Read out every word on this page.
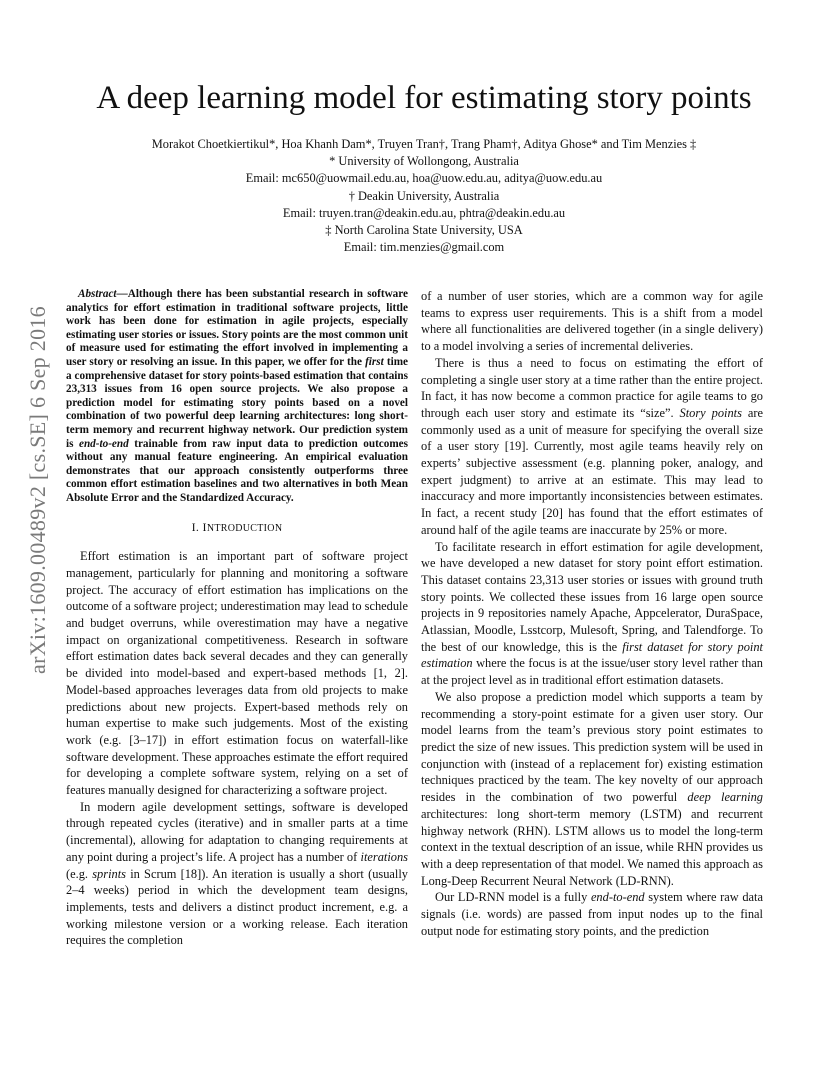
arXiv:1609.00489v2 [cs.SE] 6 Sep 2016
A deep learning model for estimating story points
Morakot Choetkiertikul*, Hoa Khanh Dam*, Truyen Tran†, Trang Pham†, Aditya Ghose* and Tim Menzies ‡
* University of Wollongong, Australia
Email: mc650@uowmail.edu.au, hoa@uow.edu.au, aditya@uow.edu.au
† Deakin University, Australia
Email: truyen.tran@deakin.edu.au, phtra@deakin.edu.au
‡ North Carolina State University, USA
Email: tim.menzies@gmail.com

Abstract—Although there has been substantial research in software analytics for effort estimation in traditional software projects, little work has been done for estimation in agile projects, especially estimating user stories or issues. Story points are the most common unit of measure used for estimating the effort involved in implementing a user story or resolving an issue. In this paper, we offer for the first time a comprehensive dataset for story points-based estimation that contains 23,313 issues from 16 open source projects. We also propose a prediction model for estimating story points based on a novel combination of two powerful deep learning architectures: long short-term memory and recurrent highway network. Our prediction system is end-to-end trainable from raw input data to prediction outcomes without any manual feature engineering. An empirical evaluation demonstrates that our approach consistently outperforms three common effort estimation baselines and two alternatives in both Mean Absolute Error and the Standardized Accuracy.

I. INTRODUCTION

Effort estimation is an important part of software project management, particularly for planning and monitoring a software project. The accuracy of effort estimation has implications on the outcome of a software project; underestimation may lead to schedule and budget overruns, while overestimation may have a negative impact on organizational competitiveness. Research in software effort estimation dates back several decades and they can generally be divided into model-based and expert-based methods [1, 2]. Model-based approaches leverages data from old projects to make predictions about new projects. Expert-based methods rely on human expertise to make such judgements. Most of the existing work (e.g. [3–17]) in effort estimation focus on waterfall-like software development. These approaches estimate the effort required for developing a complete software system, relying on a set of features manually designed for characterizing a software project.

In modern agile development settings, software is developed through repeated cycles (iterative) and in smaller parts at a time (incremental), allowing for adaptation to changing requirements at any point during a project’s life. A project has a number of iterations (e.g. sprints in Scrum [18]). An iteration is usually a short (usually 2–4 weeks) period in which the development team designs, implements, tests and delivers a distinct product increment, e.g. a working milestone version or a working release. Each iteration requires the completion

of a number of user stories, which are a common way for agile teams to express user requirements. This is a shift from a model where all functionalities are delivered together (in a single delivery) to a model involving a series of incremental deliveries.

There is thus a need to focus on estimating the effort of completing a single user story at a time rather than the entire project. In fact, it has now become a common practice for agile teams to go through each user story and estimate its “size”. Story points are commonly used as a unit of measure for specifying the overall size of a user story [19]. Currently, most agile teams heavily rely on experts’ subjective assessment (e.g. planning poker, analogy, and expert judgment) to arrive at an estimate. This may lead to inaccuracy and more importantly inconsistencies between estimates. In fact, a recent study [20] has found that the effort estimates of around half of the agile teams are inaccurate by 25% or more.

To facilitate research in effort estimation for agile development, we have developed a new dataset for story point effort estimation. This dataset contains 23,313 user stories or issues with ground truth story points. We collected these issues from 16 large open source projects in 9 repositories namely Apache, Appcelerator, DuraSpace, Atlassian, Moodle, Lsstcorp, Mulesoft, Spring, and Talendforge. To the best of our knowledge, this is the first dataset for story point estimation where the focus is at the issue/user story level rather than at the project level as in traditional effort estimation datasets.

We also propose a prediction model which supports a team by recommending a story-point estimate for a given user story. Our model learns from the team’s previous story point estimates to predict the size of new issues. This prediction system will be used in conjunction with (instead of a replacement for) existing estimation techniques practiced by the team. The key novelty of our approach resides in the combination of two powerful deep learning architectures: long short-term memory (LSTM) and recurrent highway network (RHN). LSTM allows us to model the long-term context in the textual description of an issue, while RHN provides us with a deep representation of that model. We named this approach as Long-Deep Recurrent Neural Network (LD-RNN).

Our LD-RNN model is a fully end-to-end system where raw data signals (i.e. words) are passed from input nodes up to the final output node for estimating story points, and the prediction
